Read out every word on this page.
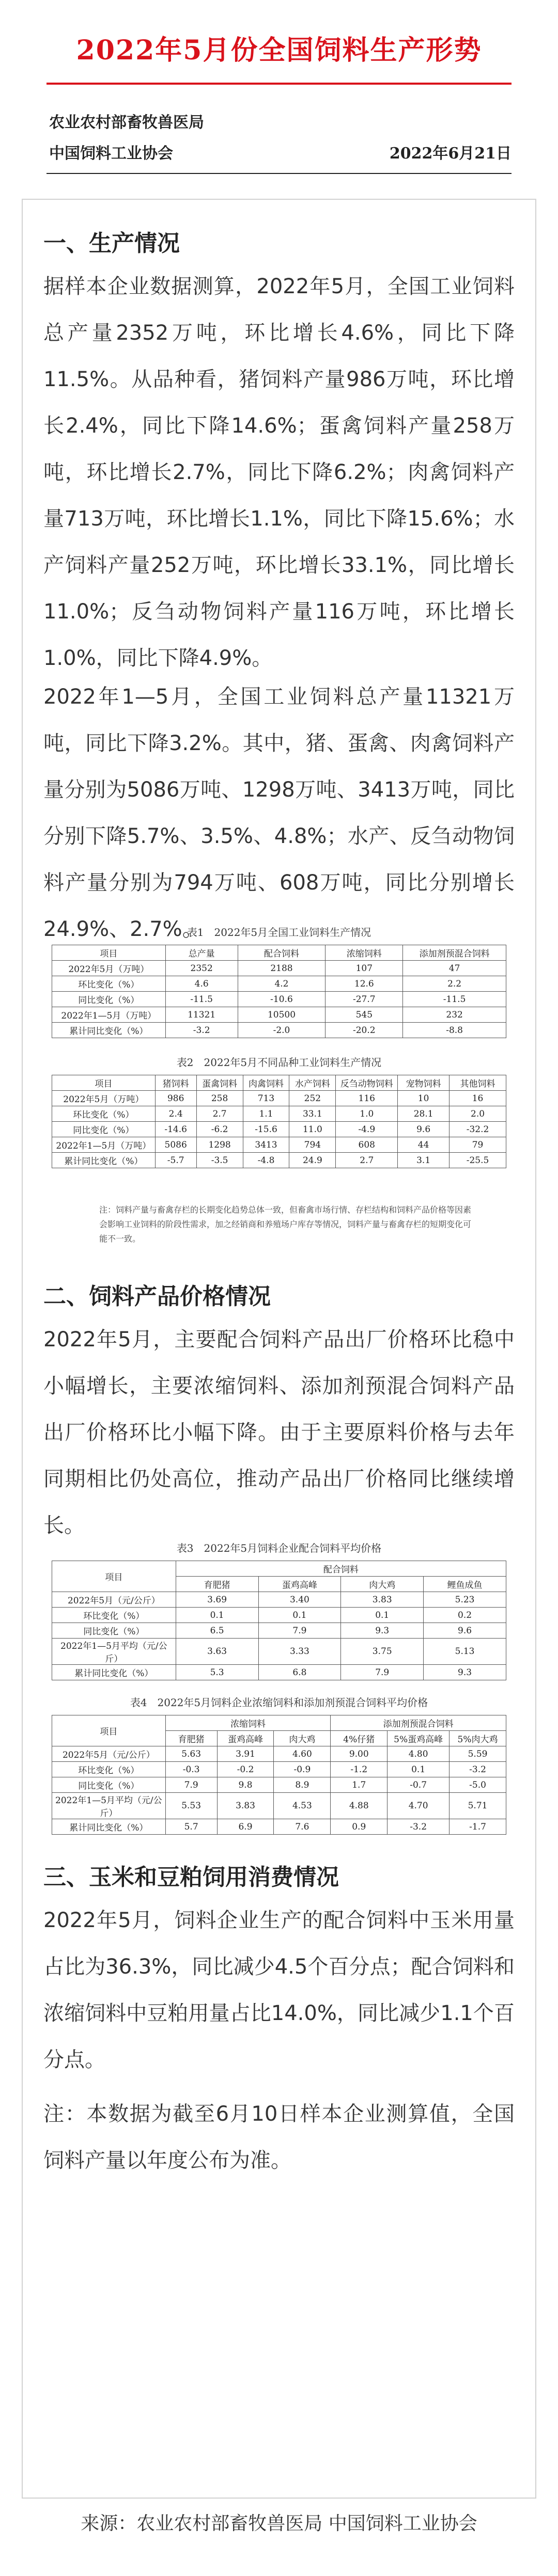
2022年5月份全国饲料生产形势
农业农村部畜牧兽医局
中国饲料工业协会	2022年6月21日
一、生产情况
据样本企业数据测算，2022年5月，全国工业饲料总产量2352万吨，环比增长4.6%，同比下降11.5%。从品种看，猪饲料产量986万吨，环比增长2.4%，同比下降14.6%；蛋禽饲料产量258万吨，环比增长2.7%，同比下降6.2%；肉禽饲料产量713万吨，环比增长1.1%，同比下降15.6%；水产饲料产量252万吨，环比增长33.1%，同比增长11.0%；反刍动物饲料产量116万吨，环比增长1.0%，同比下降4.9%。
2022年1—5月，全国工业饲料总产量11321万吨，同比下降3.2%。其中，猪、蛋禽、肉禽饲料产量分别为5086万吨、1298万吨、3413万吨，同比分别下降5.7%、3.5%、4.8%；水产、反刍动物饲料产量分别为794万吨、608万吨，同比分别增长24.9%、2.7%。
表1　2022年5月全国工业饲料生产情况
项目	总产量	配合饲料	浓缩饲料	添加剂预混合饲料
2022年5月（万吨）	2352	2188	107	47
环比变化（%）	4.6	4.2	12.6	2.2
同比变化（%）	-11.5	-10.6	-27.7	-11.5
2022年1—5月（万吨）	11321	10500	545	232
累计同比变化（%）	-3.2	-2.0	-20.2	-8.8
表2　2022年5月不同品种工业饲料生产情况
项目	猪饲料	蛋禽饲料	肉禽饲料	水产饲料	反刍动物饲料	宠物饲料	其他饲料
2022年5月（万吨）	986	258	713	252	116	10	16
环比变化（%）	2.4	2.7	1.1	33.1	1.0	28.1	2.0
同比变化（%）	-14.6	-6.2	-15.6	11.0	-4.9	9.6	-32.2
2022年1—5月（万吨）	5086	1298	3413	794	608	44	79
累计同比变化（%）	-5.7	-3.5	-4.8	24.9	2.7	3.1	-25.5
注：饲料产量与畜禽存栏的长期变化趋势总体一致，但畜禽市场行情、存栏结构和饲料产品价格等因素会影响工业饲料的阶段性需求，加之经销商和养殖场户库存等情况，饲料产量与畜禽存栏的短期变化可能不一致。
二、饲料产品价格情况
2022年5月，主要配合饲料产品出厂价格环比稳中小幅增长，主要浓缩饲料、添加剂预混合饲料产品出厂价格环比小幅下降。由于主要原料价格与去年同期相比仍处高位，推动产品出厂价格同比继续增长。
表3　2022年5月饲料企业配合饲料平均价格
项目	配合饲料			
	育肥猪	蛋鸡高峰	肉大鸡	鲤鱼成鱼
2022年5月（元/公斤）	3.69	3.40	3.83	5.23
环比变化（%）	0.1	0.1	0.1	0.2
同比变化（%）	6.5	7.9	9.3	9.6
2022年1—5月平均（元/公斤）	3.63	3.33	3.75	5.13
累计同比变化（%）	5.3	6.8	7.9	9.3
表4　2022年5月饲料企业浓缩饲料和添加剂预混合饲料平均价格
项目	浓缩饲料			添加剂预混合饲料		
	育肥猪	蛋鸡高峰	肉大鸡	4%仔猪	5%蛋鸡高峰	5%肉大鸡
2022年5月（元/公斤）	5.63	3.91	4.60	9.00	4.80	5.59
环比变化（%）	-0.3	-0.2	-0.9	-1.2	0.1	-3.2
同比变化（%）	7.9	9.8	8.9	1.7	-0.7	-5.0
2022年1—5月平均（元/公斤）	5.53	3.83	4.53	4.88	4.70	5.71
累计同比变化（%）	5.7	6.9	7.6	0.9	-3.2	-1.7
三、玉米和豆粕饲用消费情况
2022年5月，饲料企业生产的配合饲料中玉米用量占比为36.3%，同比减少4.5个百分点；配合饲料和浓缩饲料中豆粕用量占比14.0%，同比减少1.1个百分点。
注：本数据为截至6月10日样本企业测算值，全国饲料产量以年度公布为准。
来源：农业农村部畜牧兽医局 中国饲料工业协会
